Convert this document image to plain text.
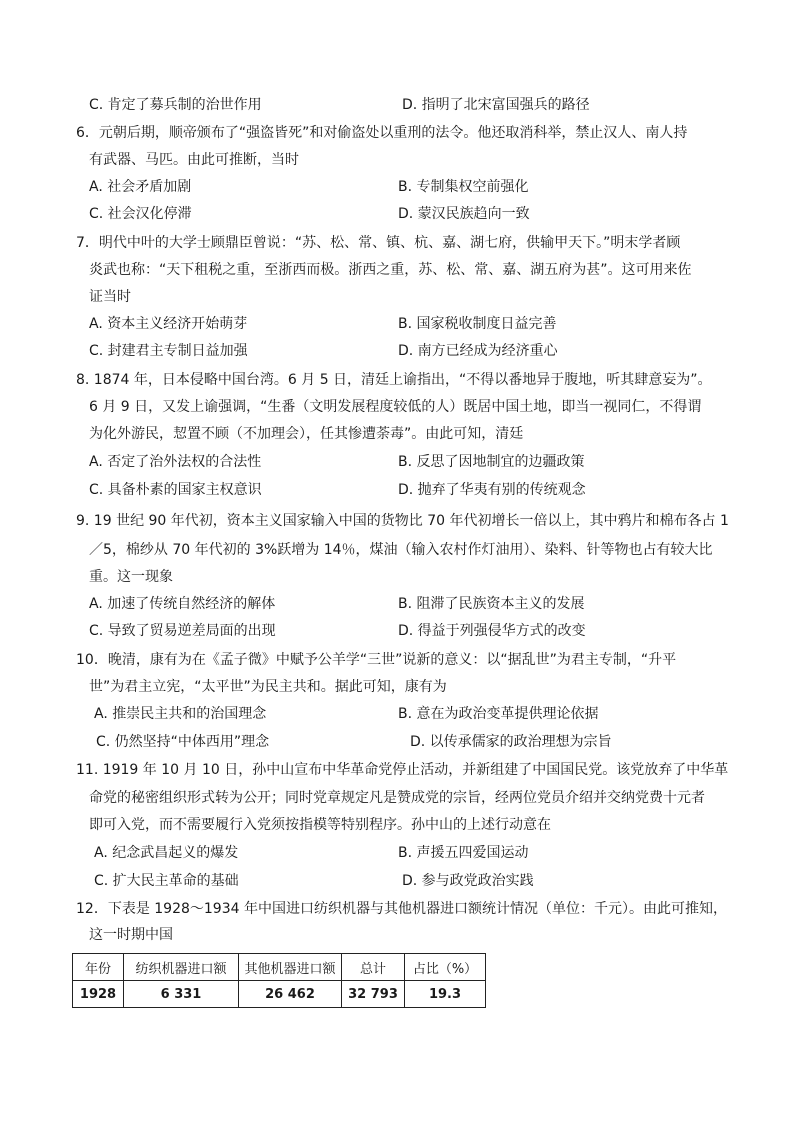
C. 肯定了募兵制的治世作用	D. 指明了北宋富国强兵的路径
6．元朝后期，顺帝颁布了“强盗皆死”和对偷盗处以重刑的法令。他还取消科举，禁止汉人、南人持
有武器、马匹。由此可推断，当时
A. 社会矛盾加剧	B. 专制集权空前强化
C. 社会汉化停滞	D. 蒙汉民族趋向一致
7．明代中叶的大学士顾鼎臣曾说：“苏、松、常、镇、杭、嘉、湖七府，供输甲天下。”明末学者顾
炎武也称：“天下租税之重，至浙西而极。浙西之重，苏、松、常、嘉、湖五府为甚”。这可用来佐
证当时
A. 资本主义经济开始萌芽	B. 国家税收制度日益完善
C. 封建君主专制日益加强	D. 南方已经成为经济重心
8. 1874 年，日本侵略中国台湾。6 月 5 日，清廷上谕指出，“不得以番地异于腹地，听其肆意妄为”。
6 月 9 日，又发上谕强调，“生番（文明发展程度较低的人）既居中国土地，即当一视同仁，不得谓
为化外游民，恝置不顾（不加理会），任其惨遭荼毒”。由此可知，清廷
A. 否定了治外法权的合法性	B. 反思了因地制宜的边疆政策
C. 具备朴素的国家主权意识	D. 抛弃了华夷有别的传统观念
9. 19 世纪 90 年代初，资本主义国家输入中国的货物比 70 年代初增长一倍以上，其中鸦片和棉布各占 1
／5，棉纱从 70 年代初的 3%跃增为 14％，煤油（输入农村作灯油用）、染料、针等物也占有较大比
重。这一现象
A. 加速了传统自然经济的解体	B. 阻滞了民族资本主义的发展
C. 导致了贸易逆差局面的出现	D. 得益于列强侵华方式的改变
10．晚清，康有为在《孟子微》中赋予公羊学“三世”说新的意义：以“据乱世”为君主专制，“升平
世”为君主立宪，“太平世”为民主共和。据此可知，康有为
A. 推崇民主共和的治国理念	B. 意在为政治变革提供理论依据
C. 仍然坚持“中体西用”理念	D. 以传承儒家的政治理想为宗旨
11. 1919 年 10 月 10 日，孙中山宣布中华革命党停止活动，并新组建了中国国民党。该党放弃了中华革
命党的秘密组织形式转为公开；同时党章规定凡是赞成党的宗旨，经两位党员介绍并交纳党费十元者
即可入党，而不需要履行入党须按指模等特别程序。孙中山的上述行动意在
A. 纪念武昌起义的爆发	B. 声援五四爱国运动
C. 扩大民主革命的基础	D. 参与政党政治实践
12．下表是 1928～1934 年中国进口纺织机器与其他机器进口额统计情况（单位：千元）。由此可推知，
这一时期中国
年份	纺织机器进口额	其他机器进口额	总计	占比（%）
1928	6 331	26 462	32 793	19.3
